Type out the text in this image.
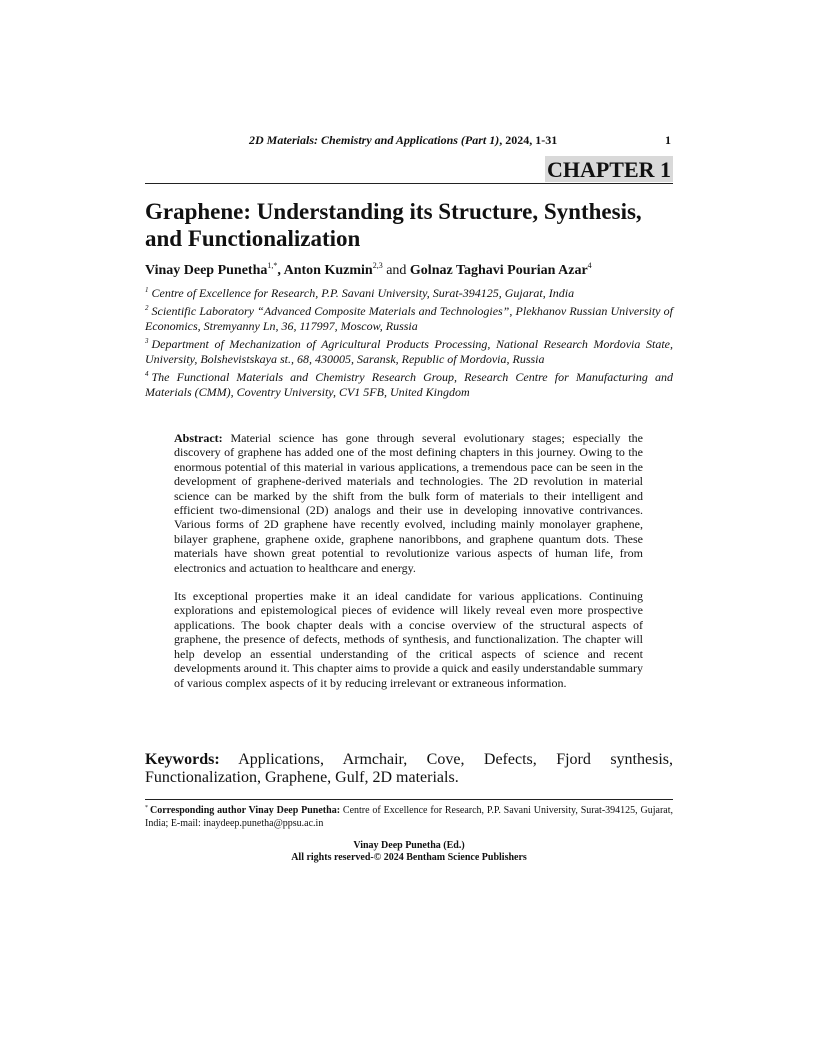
2D Materials: Chemistry and Applications (Part 1), 2024, 1-31	1
CHAPTER 1
Graphene: Understanding its Structure, Synthesis, and Functionalization
Vinay Deep Punetha$^{1,*}$, Anton Kuzmin$^{2,3}$ and Golnaz Taghavi Pourian Azar$^4$

$^1$ Centre of Excellence for Research, P.P. Savani University, Surat-394125, Gujarat, India

$^2$ Scientific Laboratory “Advanced Composite Materials and Technologies”, Plekhanov Russian University of Economics, Stremyanny Ln, 36, 117997, Moscow, Russia

$^3$ Department of Mechanization of Agricultural Products Processing, National Research Mordovia State, University, Bolshevistskaya st., 68, 430005, Saransk, Republic of Mordovia, Russia

$^4$ The Functional Materials and Chemistry Research Group, Research Centre for Manufacturing and Materials (CMM), Coventry University, CV1 5FB, United Kingdom

Abstract: Material science has gone through several evolutionary stages; especially the discovery of graphene has added one of the most defining chapters in this journey. Owing to the enormous potential of this material in various applications, a tremendous pace can be seen in the development of graphene-derived materials and technologies. The 2D revolution in material science can be marked by the shift from the bulk form of materials to their intelligent and efficient two-dimensional (2D) analogs and their use in developing innovative contrivances. Various forms of 2D graphene have recently evolved, including mainly monolayer graphene, bilayer graphene, graphene oxide, graphene nanoribbons, and graphene quantum dots. These materials have shown great potential to revolutionize various aspects of human life, from electronics and actuation to healthcare and energy.

Its exceptional properties make it an ideal candidate for various applications. Continuing explorations and epistemological pieces of evidence will likely reveal even more prospective applications. The book chapter deals with a concise overview of the structural aspects of graphene, the presence of defects, methods of synthesis, and functionalization. The chapter will help develop an essential understanding of the critical aspects of science and recent developments around it. This chapter aims to provide a quick and easily understandable summary of various complex aspects of it by reducing irrelevant or extraneous information.

Keywords: Applications, Armchair, Cove, Defects, Fjord synthesis, Functionalization, Graphene, Gulf, 2D materials.
* Corresponding author Vinay Deep Punetha: Centre of Excellence for Research, P.P. Savani University, Surat-394125, Gujarat, India; E-mail: inaydeep.punetha@ppsu.ac.in
Vinay Deep Punetha (Ed.)
All rights reserved-© 2024 Bentham Science Publishers
